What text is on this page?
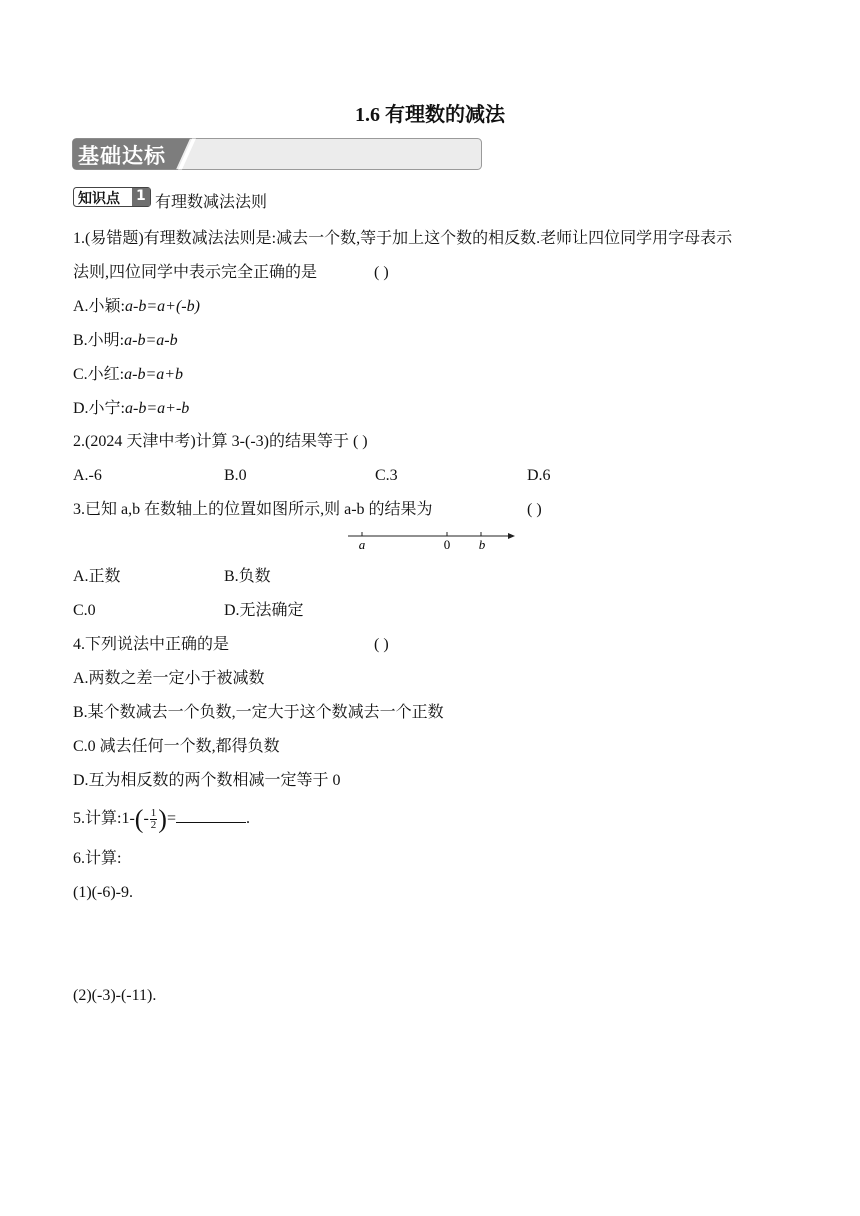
1.6 有理数的减法
基础达标
知识点 1 有理数减法法则
1.(易错题)有理数减法法则是:减去一个数,等于加上这个数的相反数.老师让四位同学用字母表示
法则,四位同学中表示完全正确的是	( )
A.小颖:a-b=a+(-b)
B.小明:a-b=a-b
C.小红:a-b=a+b
D.小宁:a-b=a+-b
2.(2024 天津中考)计算 3-(-3)的结果等于 ( )
A.-6	B.0	C.3	D.6
3.已知 a,b 在数轴上的位置如图所示,则 a-b 的结果为	( )
a	0 b
A.正数	B.负数
C.0	D.无法确定
4.下列说法中正确的是	( )
A.两数之差一定小于被减数
B.某个数减去一个负数,一定大于这个数减去一个正数
C.0 减去任何一个数,都得负数
D.互为相反数的两个数相减一定等于 0
5.计算:1-(- $\frac{1}{2}$ )=	.
6.计算:
(1)(-6)-9.
(2)(-3)-(-11).
